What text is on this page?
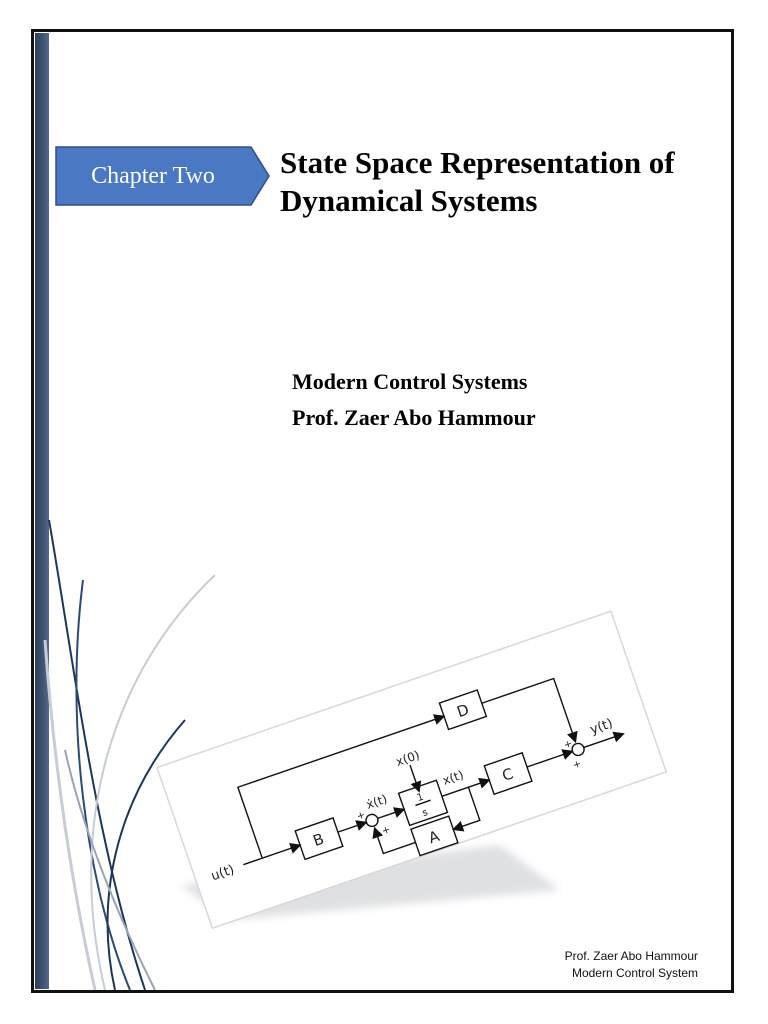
Chapter Two	State Space Representation of
Dynamical Systems
Modern Control Systems
Prof. Zaer Abo Hammour
B
C
A
D
1
s
u(t)
y(t)
x(0)
x(t)
ẋ(t)
+
+
+
+
Prof. Zaer Abo Hammour
Modern Control System
